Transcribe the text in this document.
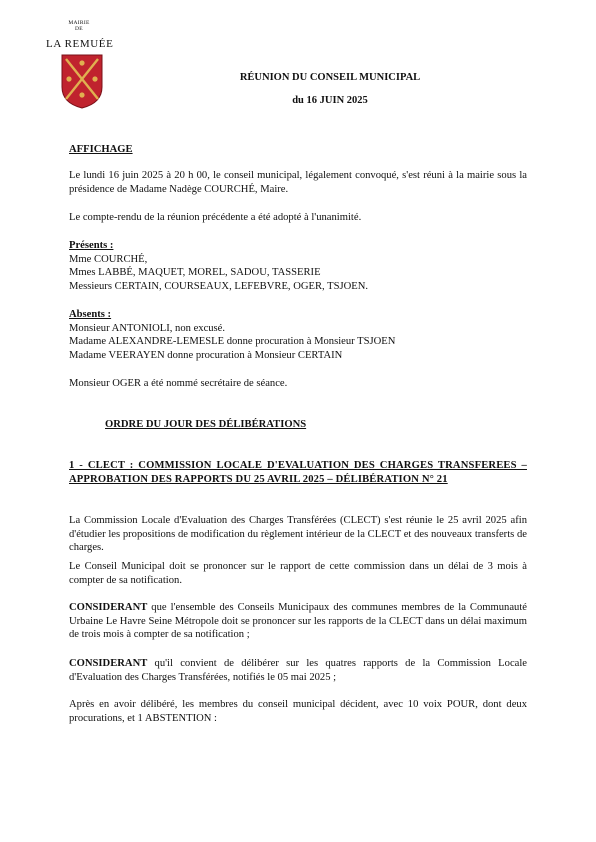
MAIRIE
DE
LA REMUÉE
RÉUNION DU CONSEIL MUNICIPAL
du 16 JUIN 2025
AFFICHAGE
Le lundi 16 juin 2025 à 20 h 00, le conseil municipal, légalement convoqué, s'est réuni à la mairie sous la présidence de Madame Nadège COURCHÉ, Maire.
Le compte-rendu de la réunion précédente a été adopté à l'unanimité.
Présents :
Mme COURCHÉ,
Mmes LABBÉ, MAQUET, MOREL, SADOU, TASSERIE
Messieurs CERTAIN, COURSEAUX, LEFEBVRE, OGER, TSJOEN.
Absents :
Monsieur ANTONIOLI, non excusé.
Madame ALEXANDRE-LEMESLE donne procuration à Monsieur TSJOEN
Madame VEERAYEN donne procuration à Monsieur CERTAIN
Monsieur OGER a été nommé secrétaire de séance.
ORDRE DU JOUR DES DÉLIBÉRATIONS
1 - CLECT : COMMISSION LOCALE D'EVALUATION DES CHARGES TRANSFEREES – APPROBATION DES RAPPORTS DU 25 AVRIL 2025 – DÉLIBÉRATION N° 21
La Commission Locale d'Evaluation des Charges Transférées (CLECT) s'est réunie le 25 avril 2025 afin d'étudier les propositions de modification du règlement intérieur de la CLECT et des nouveaux transferts de charges.
Le Conseil Municipal doit se prononcer sur le rapport de cette commission dans un délai de 3 mois à compter de sa notification.
CONSIDERANT que l'ensemble des Conseils Municipaux des communes membres de la Communauté Urbaine Le Havre Seine Métropole doit se prononcer sur les rapports de la CLECT dans un délai maximum de trois mois à compter de sa notification ;
CONSIDERANT qu'il convient de délibérer sur les quatres rapports de la Commission Locale d'Evaluation des Charges Transférées, notifiés le 05 mai 2025 ;
Après en avoir délibéré, les membres du conseil municipal décident, avec 10 voix POUR, dont deux procurations, et 1 ABSTENTION :
